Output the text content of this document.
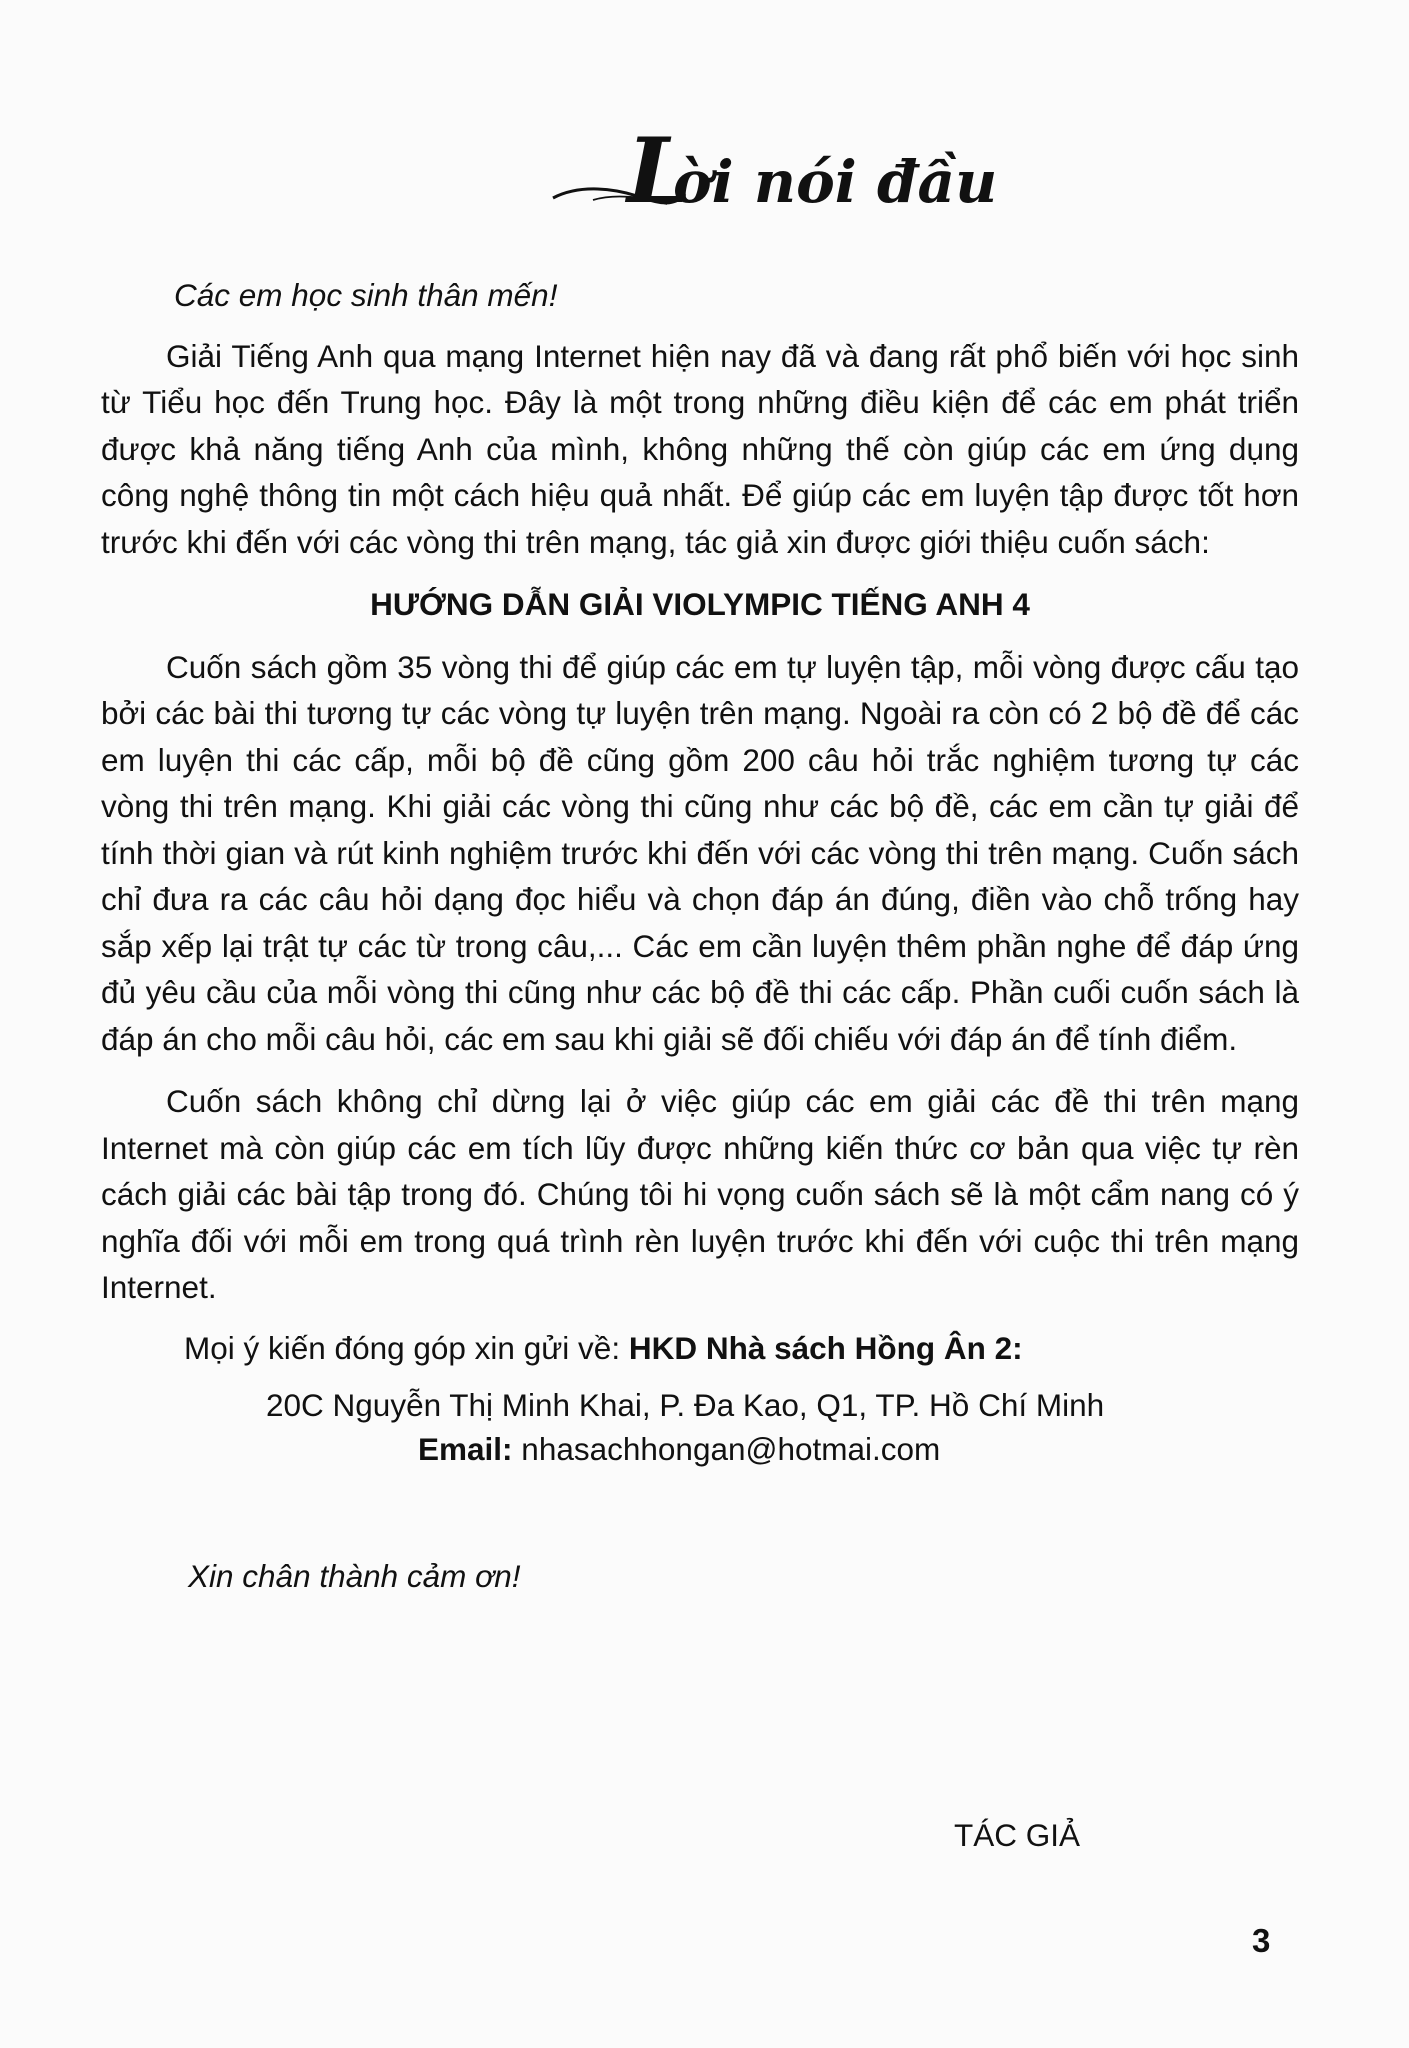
L
ời nói đầu

Các em học sinh thân mến!

Giải Tiếng Anh qua mạng Internet hiện nay đã và đang rất phổ biến với học sinh từ Tiểu học đến Trung học. Đây là một trong những điều kiện để các em phát triển được khả năng tiếng Anh của mình, không những thế còn giúp các em ứng dụng công nghệ thông tin một cách hiệu quả nhất. Để giúp các em luyện tập được tốt hơn trước khi đến với các vòng thi trên mạng, tác giả xin được giới thiệu cuốn sách:

HƯỚNG DẪN GIẢI VIOLYMPIC TIẾNG ANH 4

Cuốn sách gồm 35 vòng thi để giúp các em tự luyện tập, mỗi vòng được cấu tạo bởi các bài thi tương tự các vòng tự luyện trên mạng. Ngoài ra còn có 2 bộ đề để các em luyện thi các cấp, mỗi bộ đề cũng gồm 200 câu hỏi trắc nghiệm tương tự các vòng thi trên mạng. Khi giải các vòng thi cũng như các bộ đề, các em cần tự giải để tính thời gian và rút kinh nghiệm trước khi đến với các vòng thi trên mạng. Cuốn sách chỉ đưa ra các câu hỏi dạng đọc hiểu và chọn đáp án đúng, điền vào chỗ trống hay sắp xếp lại trật tự các từ trong câu,... Các em cần luyện thêm phần nghe để đáp ứng đủ yêu cầu của mỗi vòng thi cũng như các bộ đề thi các cấp. Phần cuối cuốn sách là đáp án cho mỗi câu hỏi, các em sau khi giải sẽ đối chiếu với đáp án để tính điểm.

Cuốn sách không chỉ dừng lại ở việc giúp các em giải các đề thi trên mạng Internet mà còn giúp các em tích lũy được những kiến thức cơ bản qua việc tự rèn cách giải các bài tập trong đó. Chúng tôi hi vọng cuốn sách sẽ là một cẩm nang có ý nghĩa đối với mỗi em trong quá trình rèn luyện trước khi đến với cuộc thi trên mạng Internet.

Mọi ý kiến đóng góp xin gửi về: HKD Nhà sách Hồng Ân 2:

20C Nguyễn Thị Minh Khai, P. Đa Kao, Q1, TP. Hồ Chí Minh

Email: nhasachhongan@hotmai.com

Xin chân thành cảm ơn!

TÁC GIẢ
3
